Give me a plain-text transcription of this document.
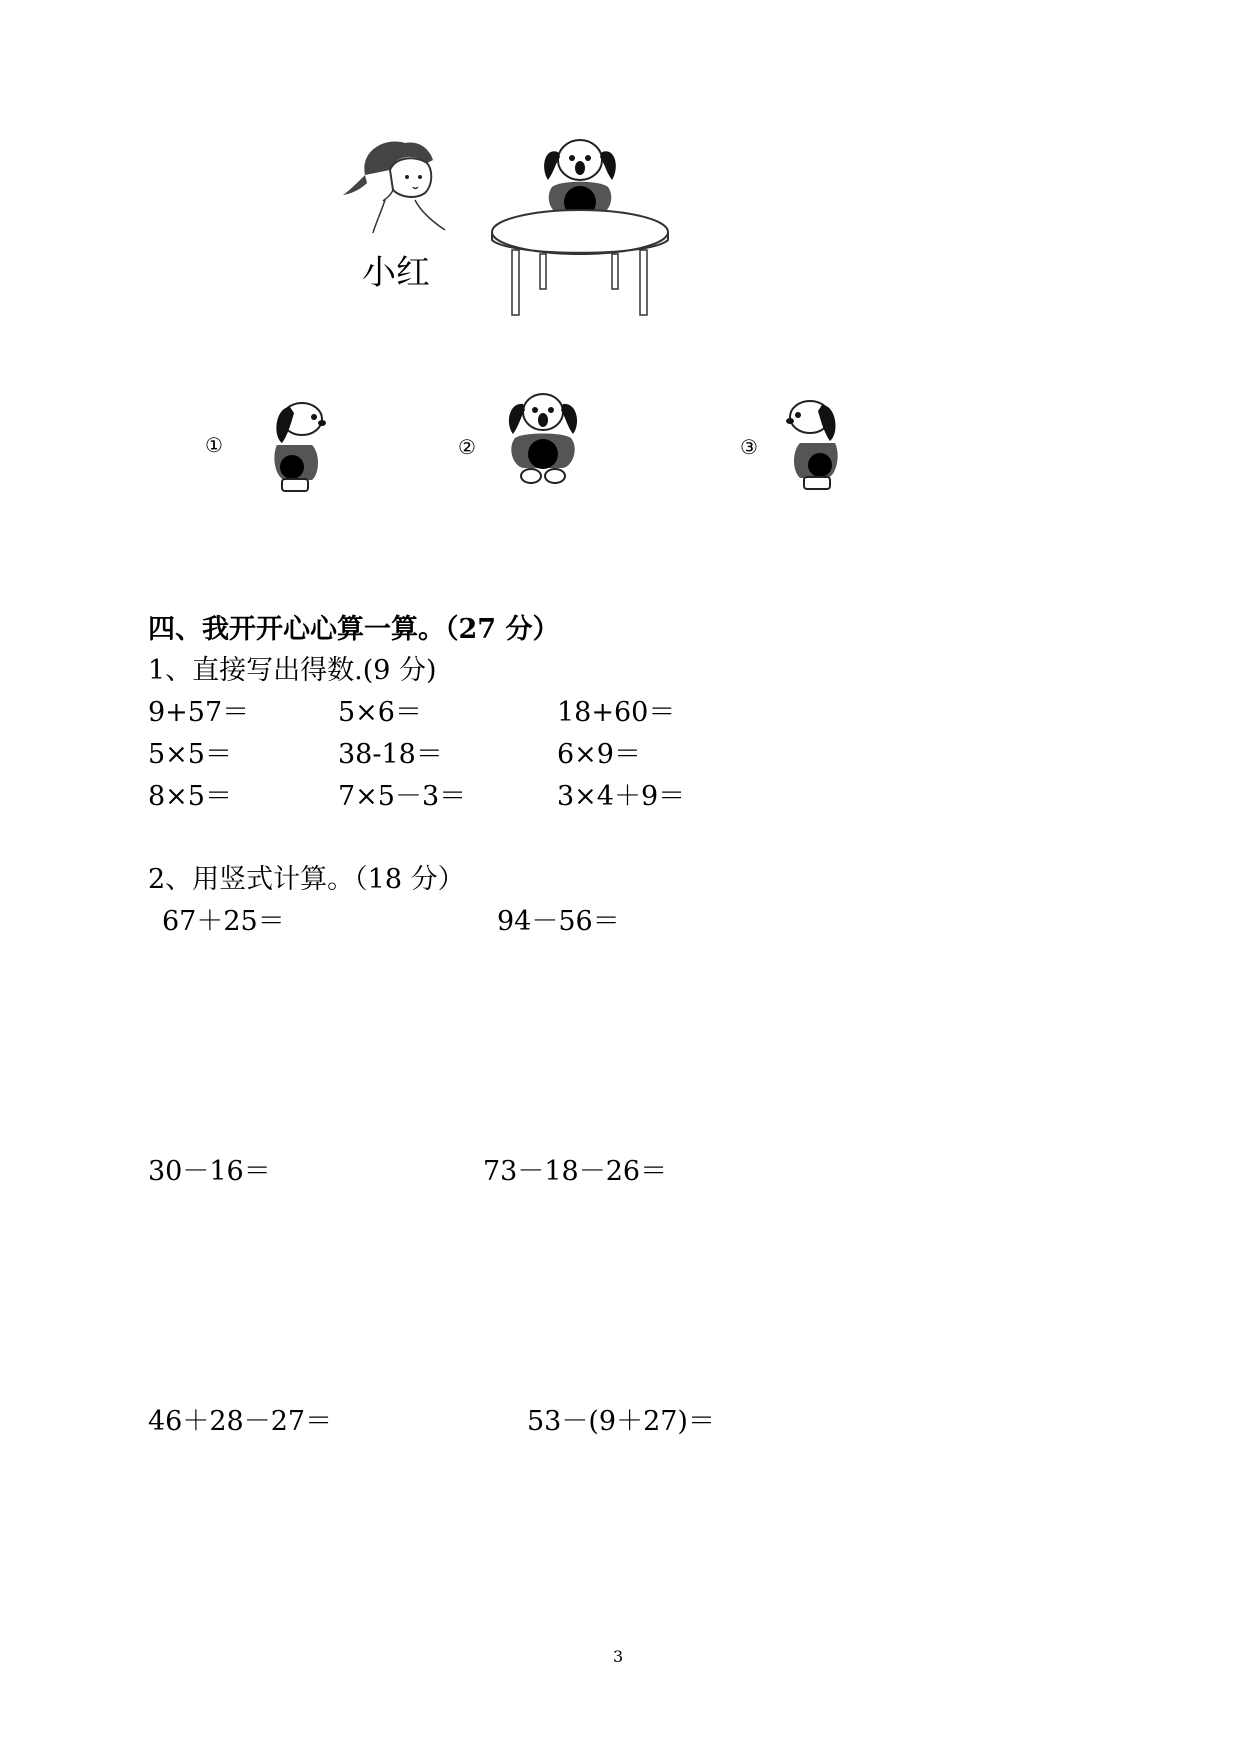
小红
①	②	③
四、我开开心心算一算。（27 分）
1、直接写出得数.(9 分)
9+57＝	5×6＝	18+60＝
5×5＝	38-18＝	6×9＝
8×5＝	7×5－3＝	3×4＋9＝
2、用竖式计算。（18 分）
67＋25＝	94－56＝
30－16＝	73－18－26＝
46＋28－27＝	53－(9＋27)＝
3
